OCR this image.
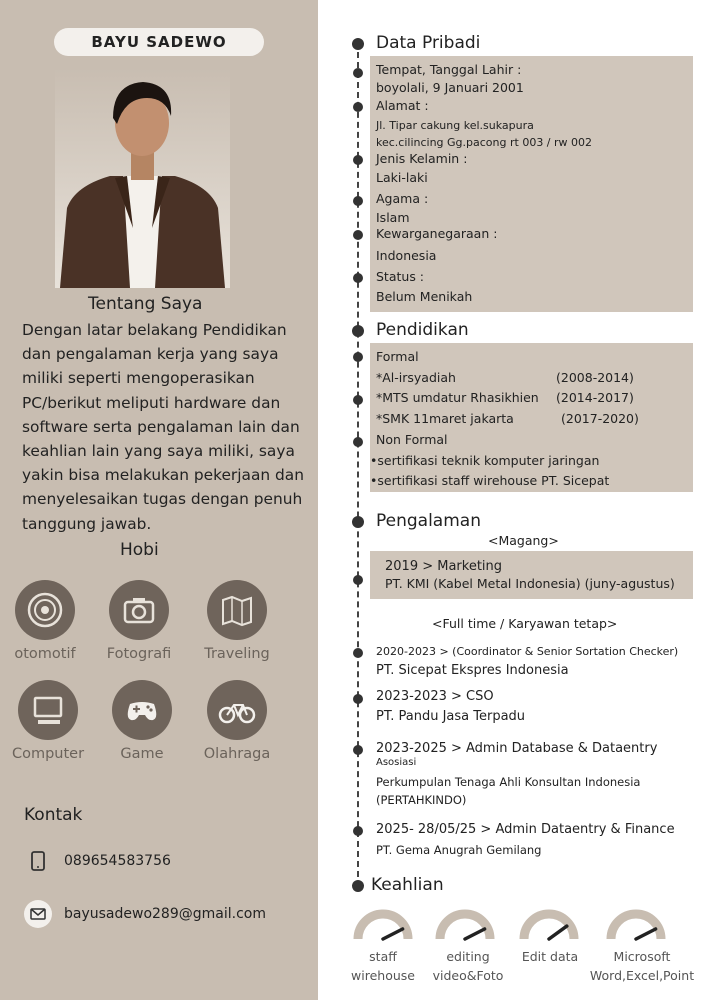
BAYU SADEWO
Tentang Saya
Dengan latar belakang Pendidikan dan pengalaman kerja yang saya miliki seperti mengoperasikan PC/berikut meliputi hardware dan software serta pengalaman lain dan keahlian lain yang saya miliki, saya yakin bisa melakukan pekerjaan dan menyelesaikan tugas dengan penuh tanggung jawab.
Hobi
otomotif	Fotografi	Traveling
Computer	Game	Olahraga
Kontak
089654583756
bayusadewo289@gmail.com
Data Pribadi
Tempat, Tanggal Lahir :
boyolali, 9 Januari 2001
Alamat :
Jl. Tipar cakung kel.sukapura
kec.cilincing Gg.pacong rt 003 / rw 002
Jenis Kelamin :
Laki-laki
Agama :
Islam
Kewarganegaraan :
Indonesia
Status :
Belum Menikah
Pendidikan
Formal
*Al-irsyadiah	(2008-2014)
*MTS umdatur Rhasikhien (2014-2017)
*SMK 11maret jakarta	(2017-2020)
Non Formal
•sertifikasi teknik komputer jaringan
•sertifikasi staff wirehouse PT. Sicepat
Pengalaman
<Magang>
2019 > Marketing
PT. KMI (Kabel Metal Indonesia) (juny-agustus)
<Full time / Karyawan tetap>
2020-2023 > (Coordinator & Senior Sortation Checker)
PT. Sicepat Ekspres Indonesia
2023-2023 > CSO
PT. Pandu Jasa Terpadu
2023-2025 > Admin Database & Dataentry
Asosiasi
Perkumpulan Tenaga Ahli Konsultan Indonesia
(PERTAHKINDO)
2025- 28/05/25 > Admin Dataentry & Finance
PT. Gema Anugrah Gemilang
Keahlian
staff
wirehouse
editing
video&Foto
Edit data	Microsoft
Word,Excel,Point
